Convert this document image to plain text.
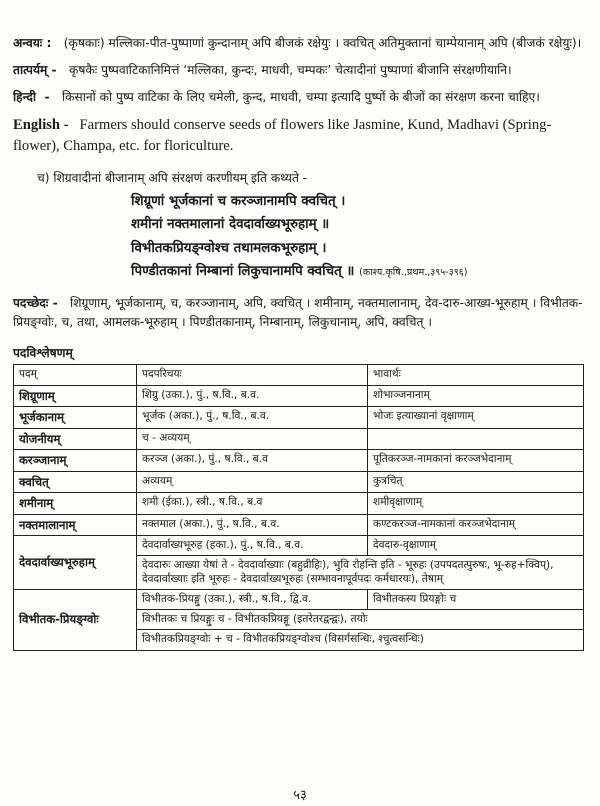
अन्वयः :   (कृषकाः) मल्लिका-पीत-पुष्पाणां कुन्दानाम् अपि बीजकं रक्षेयुः । क्वचित् अतिमुक्तानां चाम्पेयानाम् अपि (बीजकं रक्षेयुः)।

तात्पर्यम् -   कृषकैः पुष्पवाटिकानिमित्तं ‘मल्लिका, कुन्दः, माधवी, चम्पकः’ चेत्यादीनां पुष्पाणां बीजानि संरक्षणीयानि।

हिन्दी  -   किसानों को पुष्प वाटिका के लिए चमेली, कुन्द, माधवी, चम्पा इत्यादि पुष्पों के बीजों का संरक्षण करना चाहिए।

English -   Farmers should conserve seeds of flowers like Jasmine, Kund, Madhavi (Spring-flower), Champa, etc. for floriculture.

च) शिग्रवादीनां बीजानाम् अपि संरक्षणं करणीयम् इति कथ्यते -
शिग्रूणां भूर्जकानां च करञ्जानामपि क्वचित् ।
शमीनां नक्तमालानां देवदार्वाख्यभूरुहाम् ॥
विभीतकप्रियङ्ग्वोश्च तथामलकभूरुहाम् ।
पिण्डीतकानां निम्बानां लिकुचानामपि क्वचित् ॥ (काश्य.कृषि.,प्रथम.,३९५-३९६)

पदच्छेदः -   शिग्रूणाम्, भूर्जकानाम्, च, करञ्जानाम्, अपि, क्वचित् । शमीनाम्, नक्तमालानाम्, देव-दारु-आख्य-भूरुहाम् । विभीतक-प्रियङ्ग्वोः, च, तथा, आमलक-भूरुहाम् । पिण्डीतकानाम्, निम्बानाम्, लिकुचानाम्, अपि, क्वचित् ।

पदविश्लेषणम्
पदम्	पदपरिचयः	भावार्थः
शिग्रूणाम्	शिग्रु (उका.), पुं., ष.वि., ब.व.	शोभाञ्जनानाम्
भूर्जकानाम्	भूर्जक (अका.), पुं., ष.वि., ब.व.	भोजः इत्याख्यानां वृक्षाणाम्
योजनीयम्	च - अव्ययम्	
करञ्जानाम्	करञ्ज (अका.), पुं., ष.वि., ब.व	पूतिकरञ्ज-नामकानां करञ्जभेदानाम्
क्वचित्	अव्ययम्	कुत्रचित्
शमीनाम्	शमी (ईका.), स्त्री., ष.वि., ब.व	शमीवृक्षाणाम्
नक्तमालानाम्	नक्तमाल (अका.), पुं., ष.वि., ब.व.	कण्टकरञ्ज-नामकानां करञ्जभेदानाम्
देवदार्वाख्यभूरुहाम्	देवदार्वाख्यभूरुह (हका.), पुं., ष.वि., ब.व.	देवदारु-वृक्षाणाम्
	देवदारुः आख्या येषां ते - देवदार्वाख्याः (बहुव्रीहिः), भुवि रोहन्ति इति - भूरुहः (उपपदतत्पुरुषः, भू-रुह+क्विप्), देवदार्वाख्याः इति भूरुहः - देवदार्वाख्यभूरुहः (सम्भावनापूर्वपदः कर्मधारयः), तेषाम्	
विभीतक-प्रियङ्ग्वोः	विभीतक-प्रियङ्गु (उका.), स्त्री., ष.वि., द्वि.व.	विभीतकस्य प्रियङ्गोः च
	विभीतकः च प्रियङ्गुः च - विभीतकप्रियङ्गू (इतरेतरद्वन्द्वः), तयोः	
	विभीतकप्रियङ्ग्वोः + च - विभीतकप्रियङ्ग्वोश्च (विसर्गसन्धिः, श्चुत्वसन्धिः)	
५३
